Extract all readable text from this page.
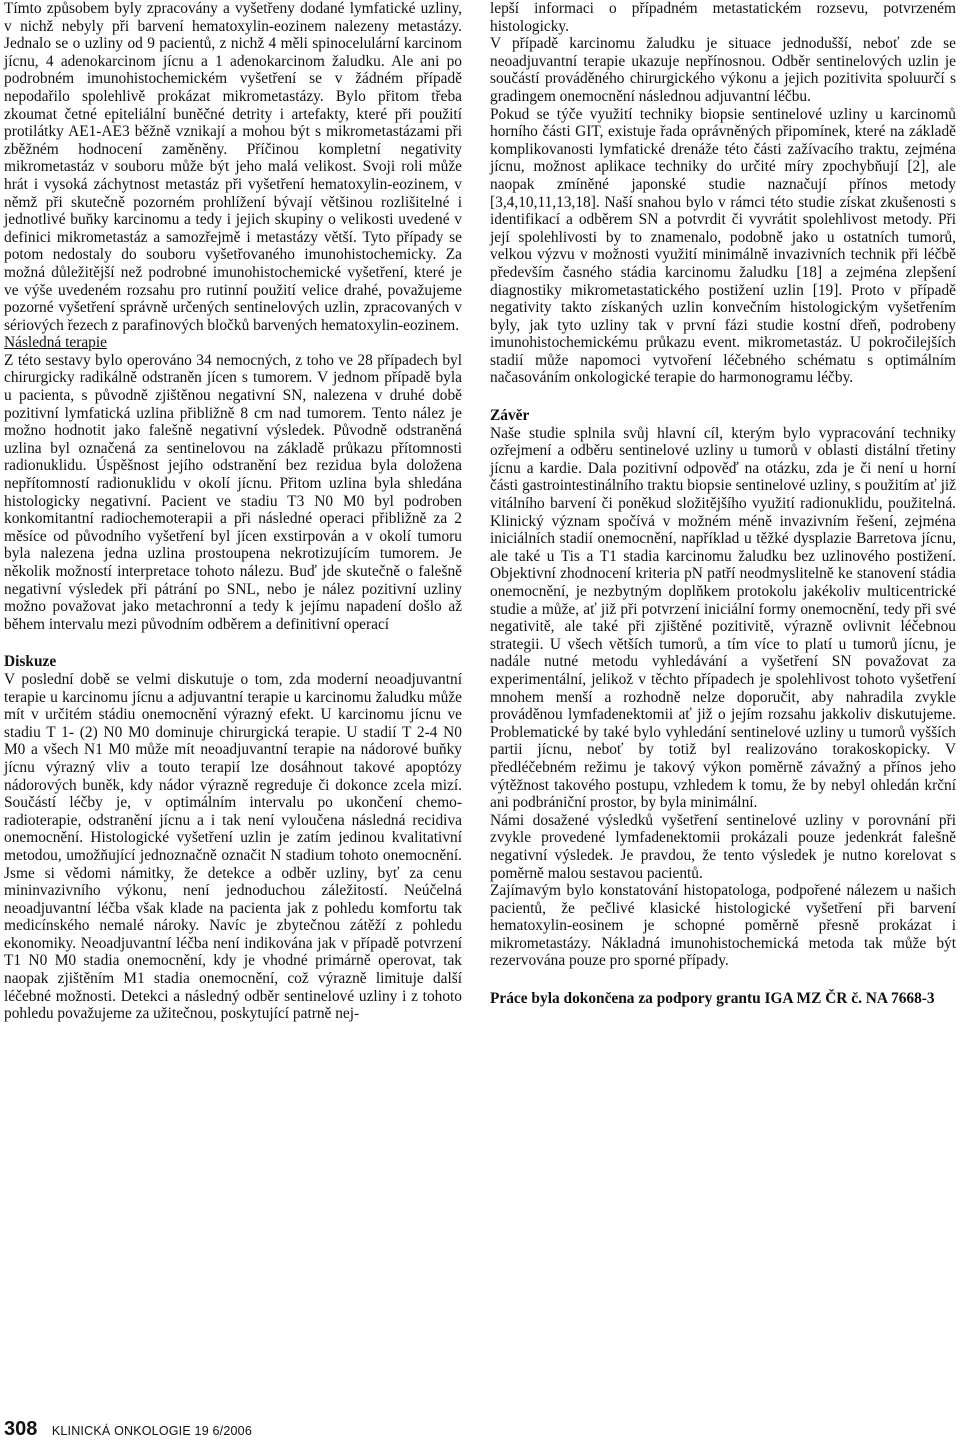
Tímto způsobem byly zpracovány a vyšetřeny dodané lymfatické uzliny, v nichž nebyly při barvení hematoxylin-eozinem nalezeny metastázy. Jednalo se o uzliny od 9 pacientů, z nichž 4 měli spinocelulární karcinom jícnu, 4 adenokarcinom jícnu a 1 adenokarcinom žaludku. Ale ani po podrobném imunohistochemickém vyšetření se v žádném případě nepodařilo spolehlivě prokázat mikrometastázy. Bylo přitom třeba zkoumat četné epiteliální buněčné detrity i artefakty, které při použití protilátky AE1-AE3 běžně vznikají a mohou být s mikrometastázami při zběžném hodnocení zaměněny. Příčinou kompletní negativity mikrometastáz v souboru může být jeho malá velikost. Svoji roli může hrát i vysoká záchytnost metastáz při vyšetření hematoxylin-eozinem, v němž při skutečně pozorném prohlížení bývají většinou rozlišitelné i jednotlivé buňky karcinomu a tedy i jejich skupiny o velikosti uvedené v definici mikrometastáz a samozřejmě i metastázy větší. Tyto případy se potom nedostaly do souboru vyšetřovaného imunohistochemicky. Za možná důležitější než podrobné imunohistochemické vyšetření, které je ve výše uvedeném rozsahu pro rutinní použití velice drahé, považujeme pozorné vyšetření správně určených sentinelových uzlin, zpracovaných v sériových řezech z parafinových bločků barvených hematoxylin-eozinem.

Následná terapie

Z této sestavy bylo operováno 34 nemocných, z toho ve 28 případech byl chirurgicky radikálně odstraněn jícen s tumorem. V jednom případě byla u pacienta, s původně zjištěnou negativní SN, nalezena v druhé době pozitivní lymfatická uzlina přibližně 8 cm nad tumorem. Tento nález je možno hodnotit jako falešně negativní výsledek. Původně odstraněná uzlina byl označená za sentinelovou na základě průkazu přítomnosti radionuklidu. Úspěšnost jejího odstranění bez rezidua byla doložena nepřítomností radionuklidu v okolí jícnu. Přitom uzlina byla shledána histologicky negativní. Pacient ve stadiu T3 N0 M0 byl podroben konkomitantní radiochemoterapii a při následné operaci přibližně za 2 měsíce od původního vyšetření byl jícen exstirpován a v okolí tumoru byla nalezena jedna uzlina prostoupena nekrotizujícím tumorem. Je několik možností interpretace tohoto nálezu. Buď jde skutečně o falešně negativní výsledek při pátrání po SNL, nebo je nález pozitivní uzliny možno považovat jako metachronní a tedy k jejímu napadení došlo až během intervalu mezi původním odběrem a definitivní operací

Diskuze

V poslední době se velmi diskutuje o tom, zda moderní neoadjuvantní terapie u karcinomu jícnu a adjuvantní terapie u karcinomu žaludku může mít v určitém stádiu onemocnění výrazný efekt. U karcinomu jícnu ve stadiu T 1- (2) N0 M0 dominuje chirurgická terapie. U stadií T 2-4 N0 M0 a všech N1 M0 může mít neoadjuvantní terapie na nádorové buňky jícnu výrazný vliv a touto terapií lze dosáhnout takové apoptózy nádorových buněk, kdy nádor výrazně regreduje či dokonce zcela mizí. Součástí léčby je, v optimálním intervalu po ukončení chemo-radioterapie, odstranění jícnu a i tak není vyloučena následná recidiva onemocnění. Histologické vyšetření uzlin je zatím jedinou kvalitativní metodou, umožňující jednoznačně označit N stadium tohoto onemocnění. Jsme si vědomi námitky, že detekce a odběr uzliny, byť za cenu mininvazivního výkonu, není jednoduchou záležitostí. Neúčelná neoadjuvantní léčba však klade na pacienta jak z pohledu komfortu tak medicínského nemalé nároky. Navíc je zbytečnou zátěží z pohledu ekonomiky. Neoadjuvantní léčba není indikována jak v případě potvrzení T1 N0 M0 stadia onemocnění, kdy je vhodné primárně operovat, tak naopak zjištěním M1 stadia onemocnění, což výrazně limituje další léčebné možnosti. Detekci a následný odběr sentinelové uzliny i z tohoto pohledu považujeme za užitečnou, poskytující patrně nej-

lepší informaci o případném metastatickém rozsevu, potvrzeném histologicky.

V případě karcinomu žaludku je situace jednodušší, neboť zde se neoadjuvantní terapie ukazuje nepřínosnou. Odběr sentinelových uzlin je součástí prováděného chirurgického výkonu a jejich pozitivita spoluurčí s gradingem onemocnění následnou adjuvantní léčbu.

Pokud se týče využití techniky biopsie sentinelové uzliny u karcinomů horního části GIT, existuje řada oprávněných připomínek, které na základě komplikovanosti lymfatické drenáže této části zažívacího traktu, zejména jícnu, možnost aplikace techniky do určité míry zpochybňují [2], ale naopak zmíněné japonské studie naznačují přínos metody [3,4,10,11,13,18]. Naší snahou bylo v rámci této studie získat zkušenosti s identifikací a odběrem SN a potvrdit či vyvrátit spolehlivost metody. Při její spolehlivosti by to znamenalo, podobně jako u ostatních tumorů, velkou výzvu v možnosti využití minimálně invazivních technik při léčbě především časného stádia karcinomu žaludku [18] a zejména zlepšení diagnostiky mikrometastatického postižení uzlin [19]. Proto v případě negativity takto získaných uzlin konvečním histologickým vyšetřením byly, jak tyto uzliny tak v první fázi studie kostní dřeň, podrobeny imunohistochemickému průkazu event. mikrometastáz. U pokročilejších stadií může napomoci vytvoření léčebného schématu s optimálním načasováním onkologické terapie do harmonogramu léčby.

Závěr

Naše studie splnila svůj hlavní cíl, kterým bylo vypracování techniky ozřejmení a odběru sentinelové uzliny u tumorů v oblasti distální třetiny jícnu a kardie. Dala pozitivní odpověď na otázku, zda je či není u horní části gastrointestinálního traktu biopsie sentinelové uzliny, s použitím ať již vitálního barvení či poněkud složitějšího využití radionuklidu, použitelná. Klinický význam spočívá v možném méně invazivním řešení, zejména iniciálních stadií onemocnění, například u těžké dysplazie Barretova jícnu, ale také u Tis a T1 stadia karcinomu žaludku bez uzlinového postižení. Objektivní zhodnocení kriteria pN patří neodmyslitelně ke stanovení stádia onemocnění, je nezbytným doplňkem protokolu jakékoliv multicentrické studie a může, ať již při potvrzení iniciální formy onemocnění, tedy při své negativitě, ale také při zjištěné pozitivitě, výrazně ovlivnit léčebnou strategii. U všech větších tumorů, a tím více to platí u tumorů jícnu, je nadále nutné metodu vyhledávání a vyšetření SN považovat za experimentální, jelikož v těchto případech je spolehlivost tohoto vyšetření mnohem menší a rozhodně nelze doporučit, aby nahradila zvykle prováděnou lymfadenektomii ať již o jejím rozsahu jakkoliv diskutujeme. Problematické by také bylo vyhledání sentinelové uzliny u tumorů vyšších partii jícnu, neboť by totiž byl realizováno torakoskopicky. V předléčebném režimu je takový výkon poměrně závažný a přínos jeho výtěžnost takového postupu, vzhledem k tomu, že by nebyl ohledán krční ani podbrániční prostor, by byla minimální.

Námi dosažené výsledků vyšetření sentinelové uzliny v porovnání při zvykle provedené lymfadenektomii prokázali pouze jedenkrát falešně negativní výsledek. Je pravdou, že tento výsledek je nutno korelovat s poměrně malou sestavou pacientů.

Zajímavým bylo konstatování histopatologa, podpořené nálezem u našich pacientů, že pečlivé klasické histologické vyšetření při barvení hematoxylin-eosinem je schopné poměrně přesně prokázat i mikrometastázy. Nákladná imunohistochemická metoda tak může být rezervována pouze pro sporné případy.

Práce byla dokončena za podpory grantu IGA MZ ČR č. NA 7668-3

308 KLINICKÁ ONKOLOGIE 19 6/2006
